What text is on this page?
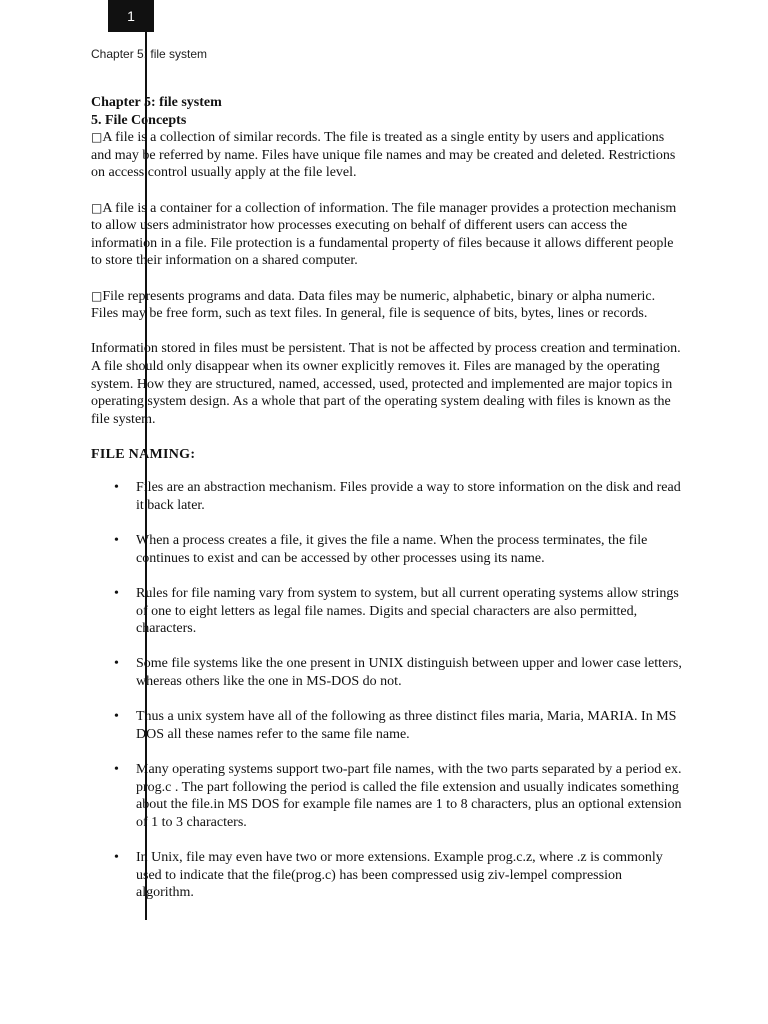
1
Chapter 5: file system
Chapter 5: file system
5. File Concepts

□A file is a collection of similar records. The file is treated as a single entity by users and applications and may be referred by name. Files have unique file names and may be created and deleted. Restrictions on access control usually apply at the file level.

□A file is a container for a collection of information. The file manager provides a protection mechanism to allow users administrator how processes executing on behalf of different users can access the information in a file. File protection is a fundamental property of files because it allows different people to store their information on a shared computer.

□File represents programs and data. Data files may be numeric, alphabetic, binary or alpha numeric. Files may be free form, such as text files. In general, file is sequence of bits, bytes, lines or records.

Information stored in files must be persistent. That is not be affected by process creation and termination. A file should only disappear when its owner explicitly removes it. Files are managed by the operating system. How they are structured, named, accessed, used, protected and implemented are major topics in operating system design. As a whole that part of the operating system dealing with files is known as the file system.

FILE NAMING:
• Files are an abstraction mechanism. Files provide a way to store information on the disk and read it back later.
• When a process creates a file, it gives the file a name. When the process terminates, the file continues to exist and can be accessed by other processes using its name.
• Rules for file naming vary from system to system, but all current operating systems allow strings of one to eight letters as legal file names. Digits and special characters are also permitted, characters.
• Some file systems like the one present in UNIX distinguish between upper and lower case letters, whereas others like the one in MS-DOS do not.
• Thus a unix system have all of the following as three distinct files maria, Maria, MARIA. In MS DOS all these names refer to the same file name.
• Many operating systems support two-part file names, with the two parts separated by a period ex. prog.c . The part following the period is called the file extension and usually indicates something about the file.in MS DOS for example file names are 1 to 8 characters, plus an optional extension of 1 to 3 characters.
• In Unix, file may even have two or more extensions. Example prog.c.z, where .z is commonly used to indicate that the file(prog.c) has been compressed usig ziv-lempel compression algorithm.
